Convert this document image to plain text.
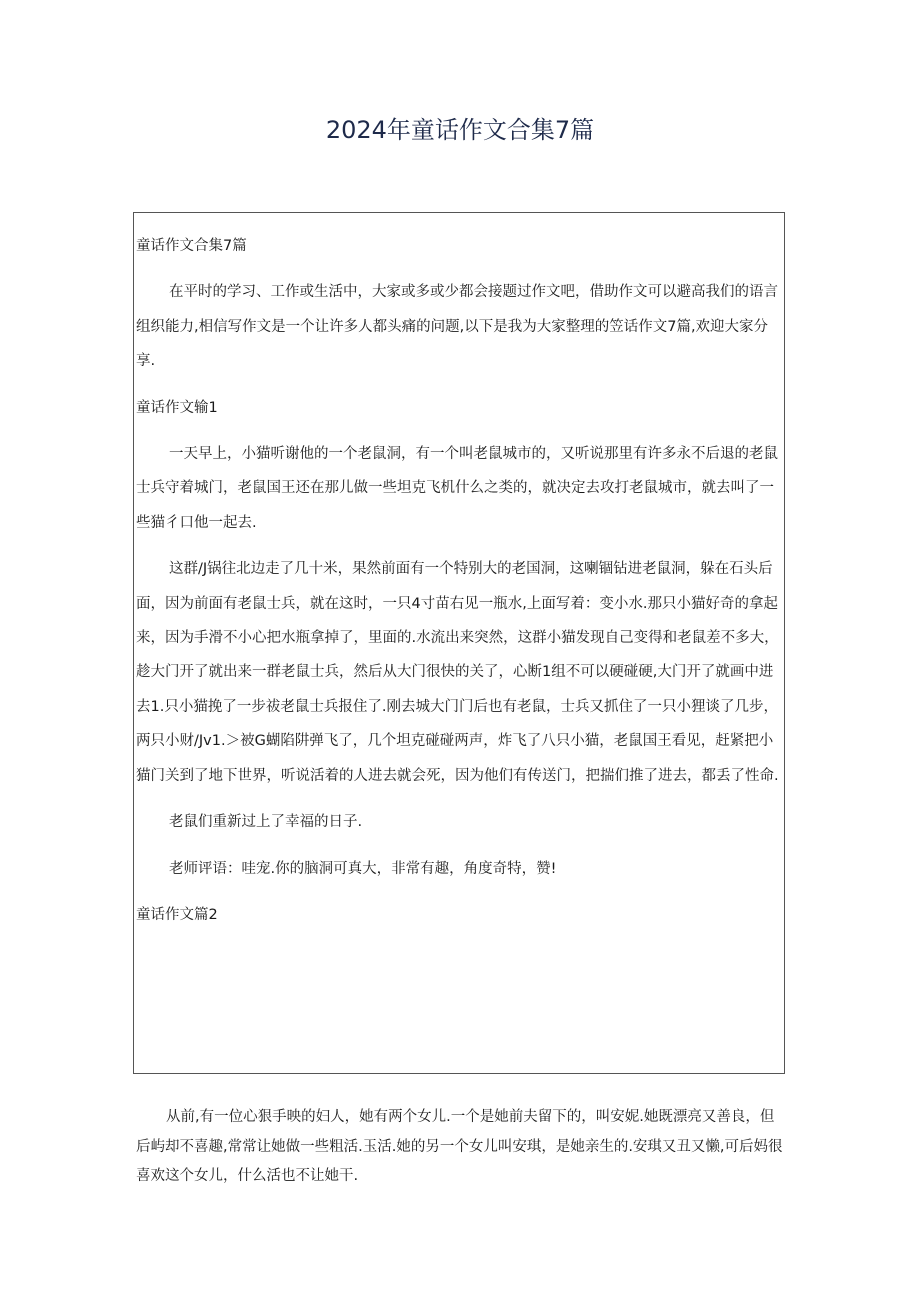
2024年童话作文合集7篇

童话作文合集7篇

在平时的学习、工作或生活中，大家或多或少都会接题过作文吧，借助作文可以避高我们的语言组织能力,相信写作文是一个让许多人都头痛的问题,以下是我为大家整理的笠话作文7篇,欢迎大家分享.

童话作文输1

一天早上，小猫听谢他的一个老鼠洞，有一个叫老鼠城市的，又听说那里有许多永不后退的老鼠士兵守着城门，老鼠国王还在那儿做一些坦克飞机什么之类的，就决定去攻打老鼠城市，就去叫了一些猫彳口他一起去.

这群/J锅往北边走了几十米，果然前面有一个特别大的老国洞，这喇锢钻进老鼠洞，躲在石头后面，因为前面有老鼠士兵，就在这时，一只4寸苗右见一瓶水,上面写着：变小水.那只小猫好奇的拿起来，因为手滑不小心把水瓶拿掉了，里面的.水流出来突然，这群小猫发现自己变得和老鼠差不多大，趁大门开了就出来一群老鼠士兵，然后从大门很快的关了，心断1组不可以硬碰硬,大门开了就画中进去1.只小猫挽了一步祓老鼠士兵报住了.刚去城大门门后也有老鼠，士兵又抓住了一只小狸谈了几步，两只小财/Jv1.＞被G蝴陷阱弹飞了，几个坦克碰碰两声，炸飞了八只小猫，老鼠国王看见，赶紧把小猫门关到了地下世界，听说活着的人进去就会死，因为他们有传送门，把揣们推了进去，都丢了性命.

老鼠们重新过上了幸福的日子.

老师评语：哇宠.你的脑洞可真大，非常有趣，角度奇特，赞!

童话作文篇2

从前,有一位心狠手映的妇人，她有两个女儿.一个是她前夫留下的，叫安妮.她既漂亮又善良，但后屿却不喜趣,常常让她做一些粗活.玉活.她的另一个女儿叫安琪，是她亲生的.安琪又丑又懒,可后妈很喜欢这个女儿，什么活也不让她干.
